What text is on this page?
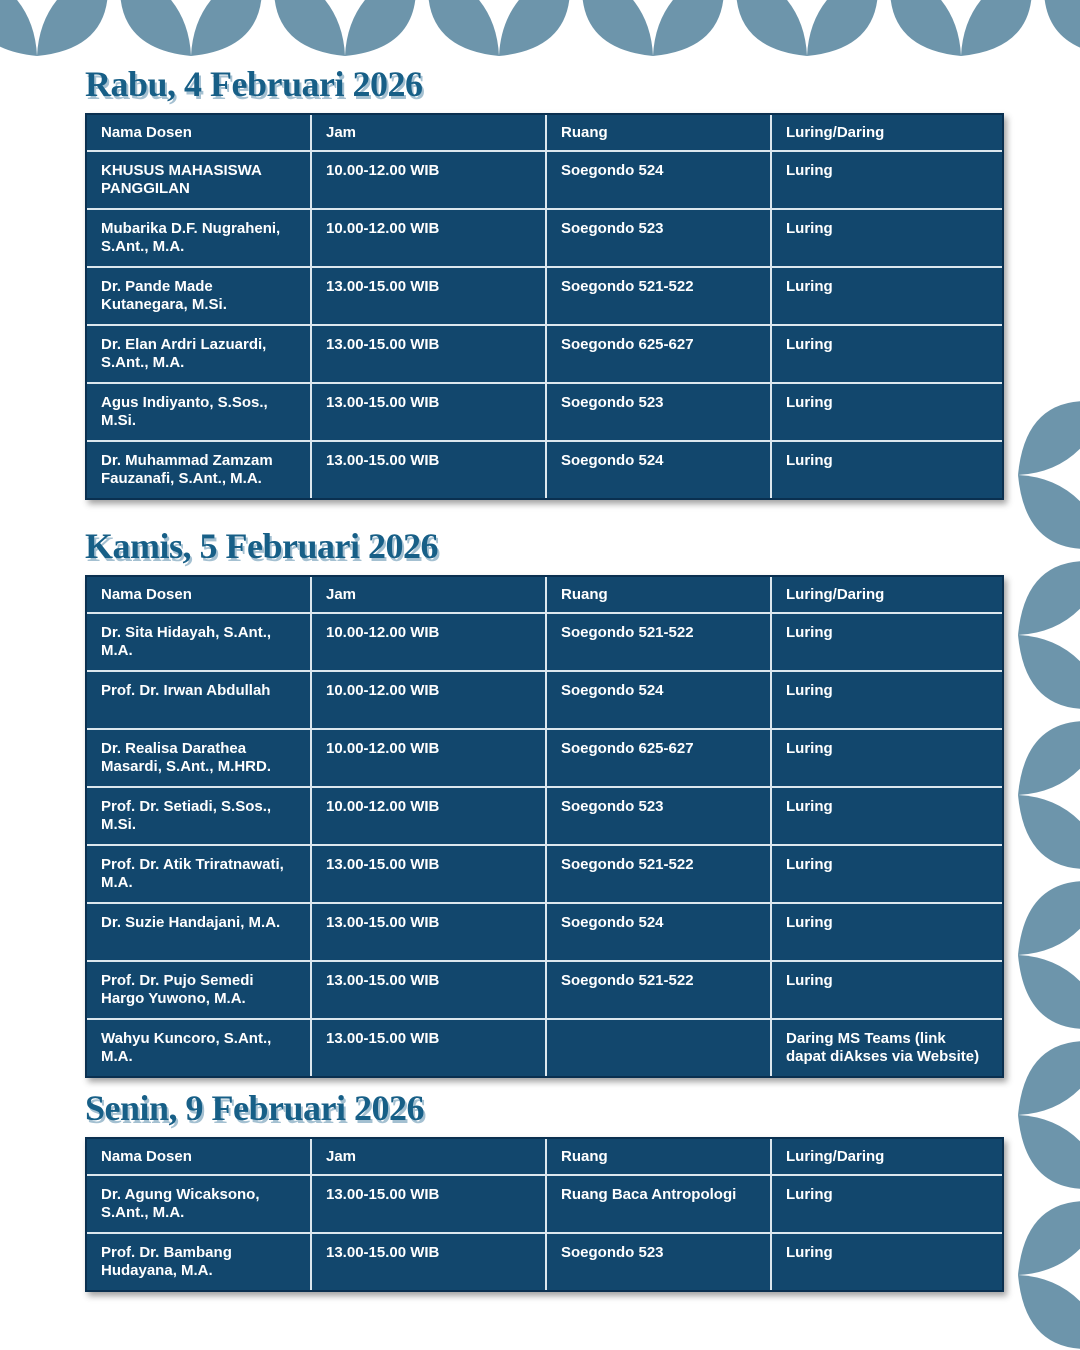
Rabu, 4 Februari 2026
Nama Dosen	Jam	Ruang	Luring/Daring
KHUSUS MAHASISWA PANGGILAN	10.00-12.00 WIB	Soegondo 524	Luring
Mubarika D.F. Nugraheni, S.Ant., M.A.	10.00-12.00 WIB	Soegondo 523	Luring
Dr. Pande Made Kutanegara, M.Si.	13.00-15.00 WIB	Soegondo 521-522	Luring
Dr. Elan Ardri Lazuardi, S.Ant., M.A.	13.00-15.00 WIB	Soegondo 625-627	Luring
Agus Indiyanto, S.Sos., M.Si.	13.00-15.00 WIB	Soegondo 523	Luring
Dr. Muhammad Zamzam Fauzanafi, S.Ant., M.A.	13.00-15.00 WIB	Soegondo 524	Luring
Kamis, 5 Februari 2026
Nama Dosen	Jam	Ruang	Luring/Daring
Dr. Sita Hidayah, S.Ant., M.A.	10.00-12.00 WIB	Soegondo 521-522	Luring
Prof. Dr. Irwan Abdullah	10.00-12.00 WIB	Soegondo 524	Luring
Dr. Realisa Darathea Masardi, S.Ant., M.HRD.	10.00-12.00 WIB	Soegondo 625-627	Luring
Prof. Dr. Setiadi, S.Sos., M.Si.	10.00-12.00 WIB	Soegondo 523	Luring
Prof. Dr. Atik Triratnawati, M.A.	13.00-15.00 WIB	Soegondo 521-522	Luring
Dr. Suzie Handajani, M.A.	13.00-15.00 WIB	Soegondo 524	Luring
Prof. Dr. Pujo Semedi Hargo Yuwono, M.A.	13.00-15.00 WIB	Soegondo 521-522	Luring
Wahyu Kuncoro, S.Ant., M.A.	13.00-15.00 WIB		Daring MS Teams (link dapat diAkses via Website)
Senin, 9 Februari 2026
Nama Dosen	Jam	Ruang	Luring/Daring
Dr. Agung Wicaksono, S.Ant., M.A.	13.00-15.00 WIB	Ruang Baca Antropologi	Luring
Prof. Dr. Bambang Hudayana, M.A.	13.00-15.00 WIB	Soegondo 523	Luring
